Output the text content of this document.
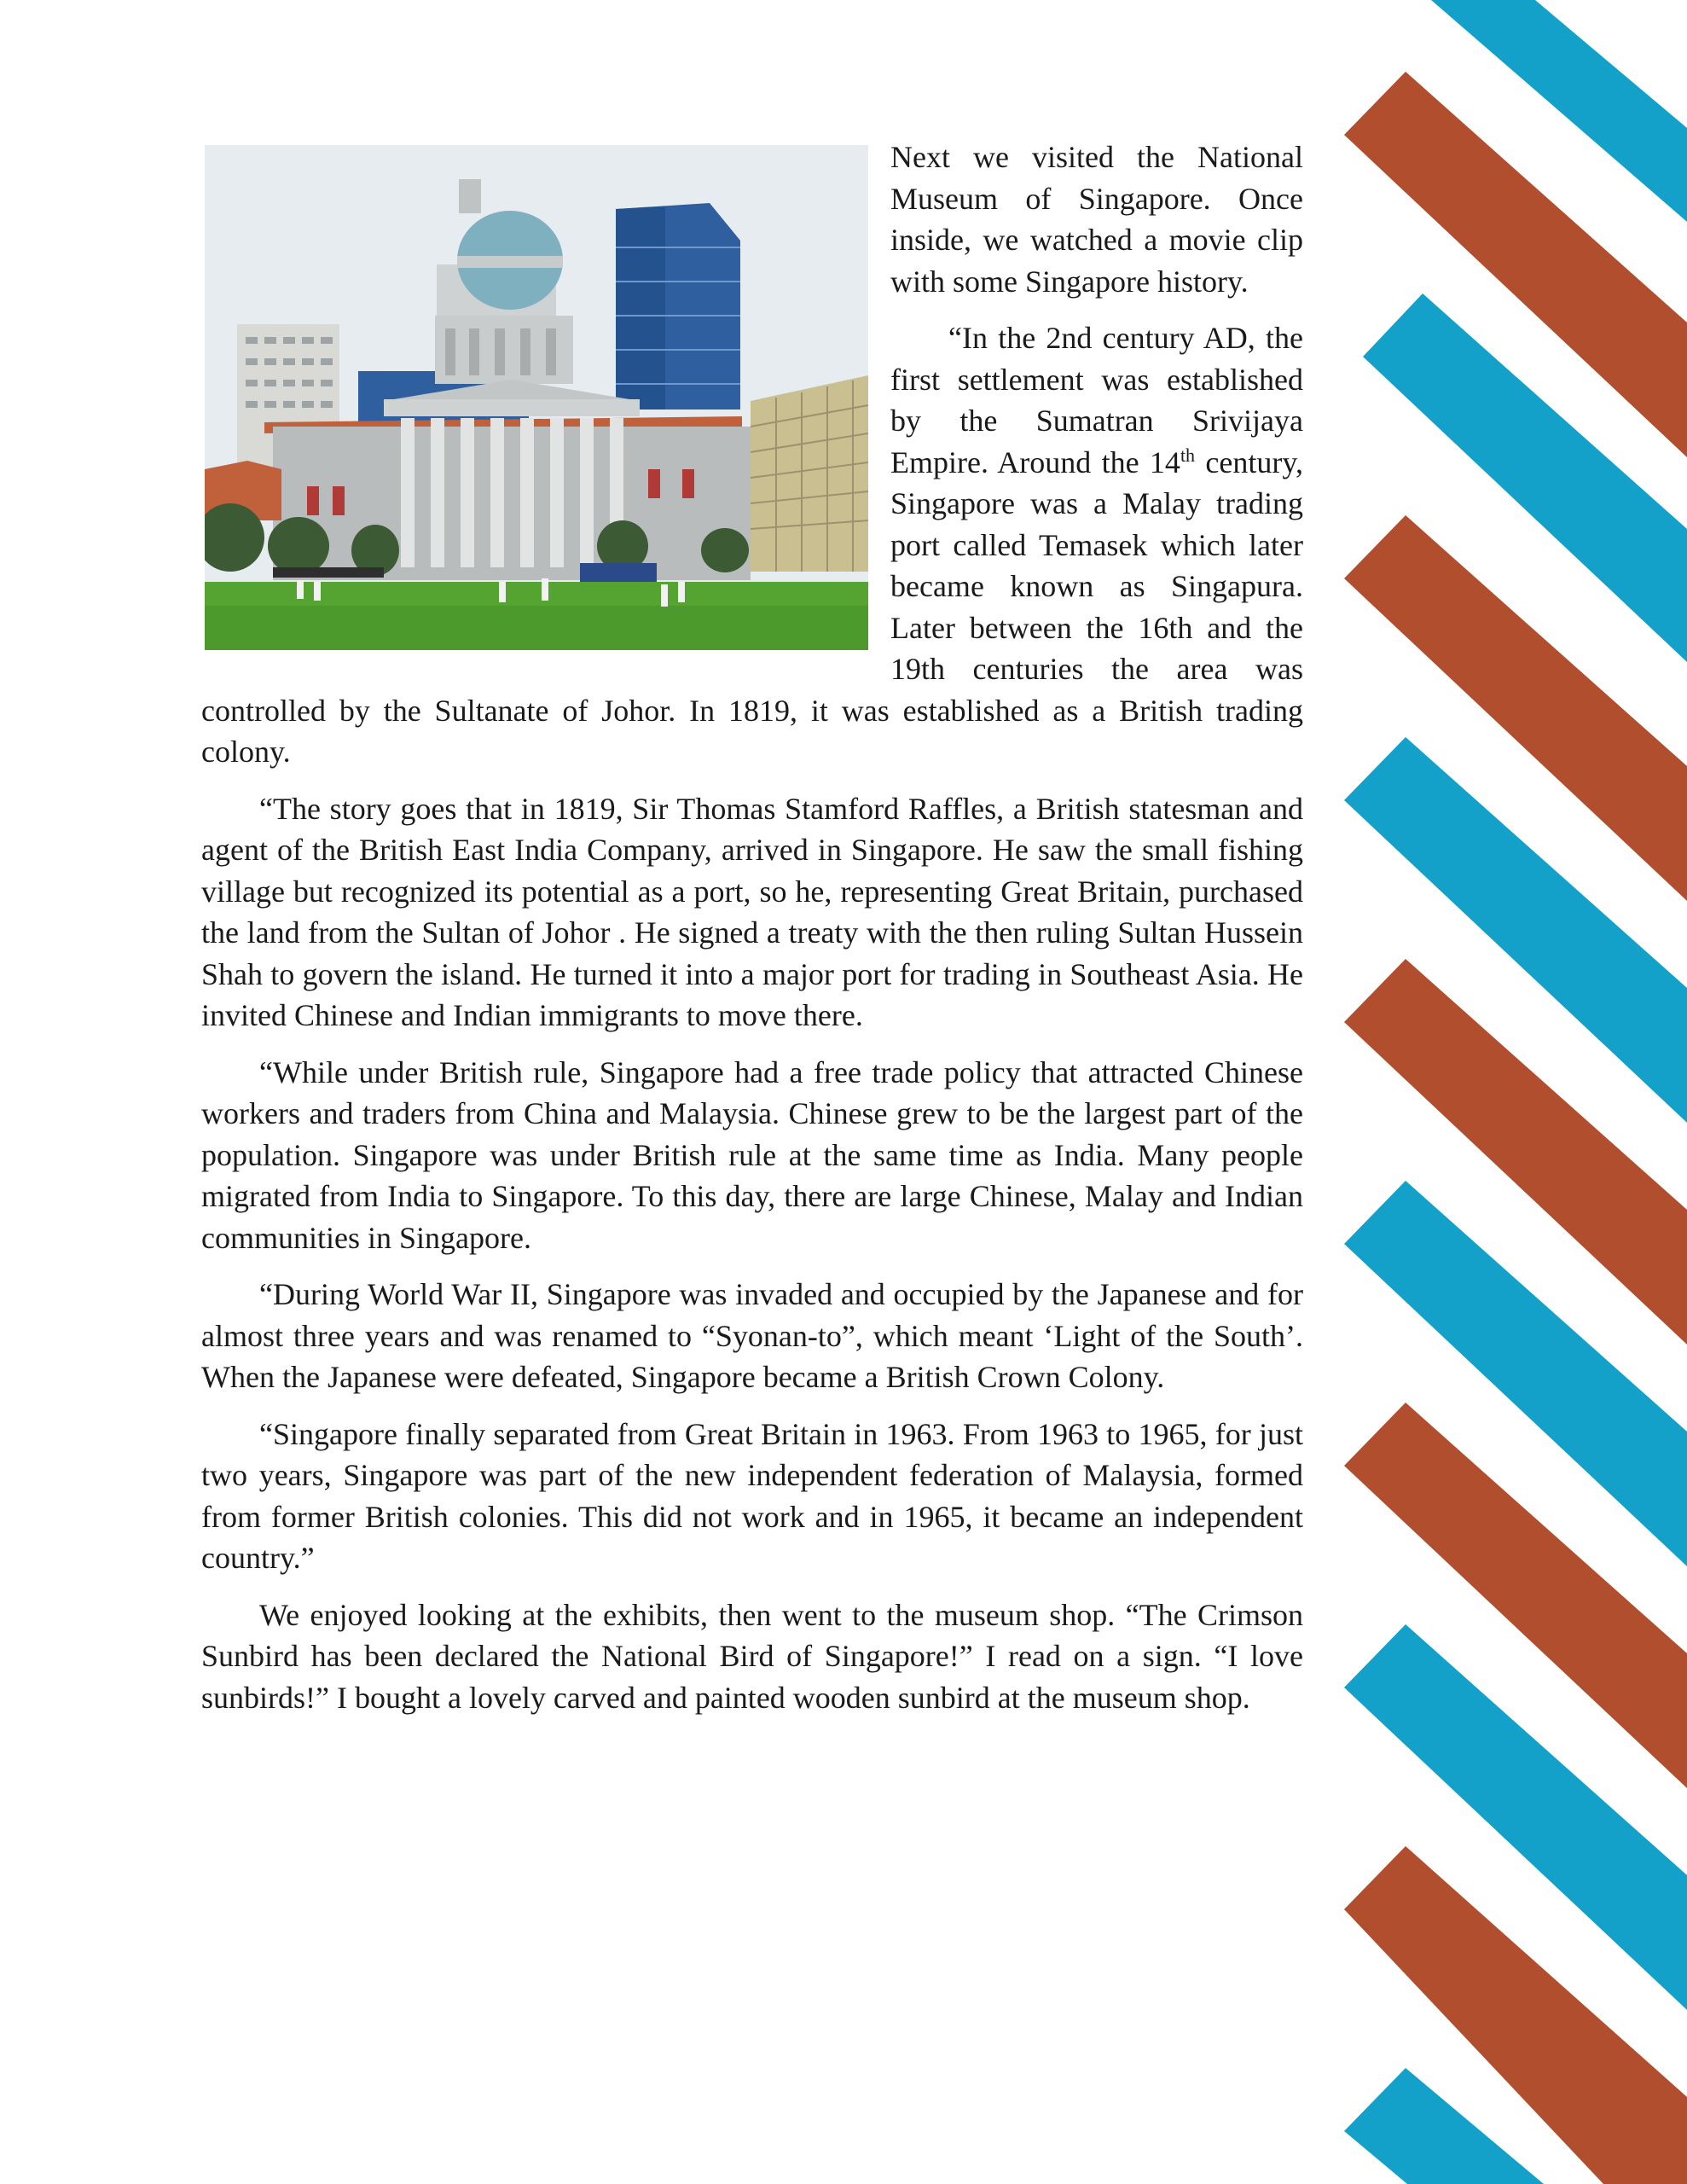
Next we visited the National Museum of Singapore. Once inside, we watched a movie clip with some Singapore history.

“In the 2nd century AD, the first settlement was established by the Sumatran Srivijaya Empire. Around the 14th century, Singapore was a Malay trading port called Temasek which later became known as Singapura. Later between the 16th and the 19th centuries the area was controlled by the Sultanate of Johor. In 1819, it was established as a British trading colony.

“The story goes that in 1819, Sir Thomas Stamford Raffles, a British statesman and agent of the British East India Company, arrived in Singapore. He saw the small fishing village but recognized its potential as a port, so he, representing Great Britain, purchased the land from the Sultan of Johor . He signed a treaty with the then ruling Sultan Hussein Shah to govern the island. He turned it into a major port for trading in Southeast Asia. He invited Chinese and Indian immigrants to move there.

“While under British rule, Singapore had a free trade policy that attracted Chinese workers and traders from China and Malaysia. Chinese grew to be the largest part of the population. Singapore was under British rule at the same time as India. Many people migrated from India to Singapore. To this day, there are large Chinese, Malay and Indian communities in Singapore.

“During World War II, Singapore was invaded and occupied by the Japanese and for almost three years and was renamed to “Syonan-to”, which meant ‘Light of the South’. When the Japanese were defeated, Singapore became a British Crown Colony.

“Singapore finally separated from Great Britain in 1963. From 1963 to 1965, for just two years, Singapore was part of the new independent federation of Malaysia, formed from former British colonies. This did not work and in 1965, it became an independent country.”

We enjoyed looking at the exhibits, then went to the museum shop. “The Crimson Sunbird has been declared the National Bird of Singapore!” I read on a sign. “I love sunbirds!” I bought a lovely carved and painted wooden sunbird at the museum shop.
